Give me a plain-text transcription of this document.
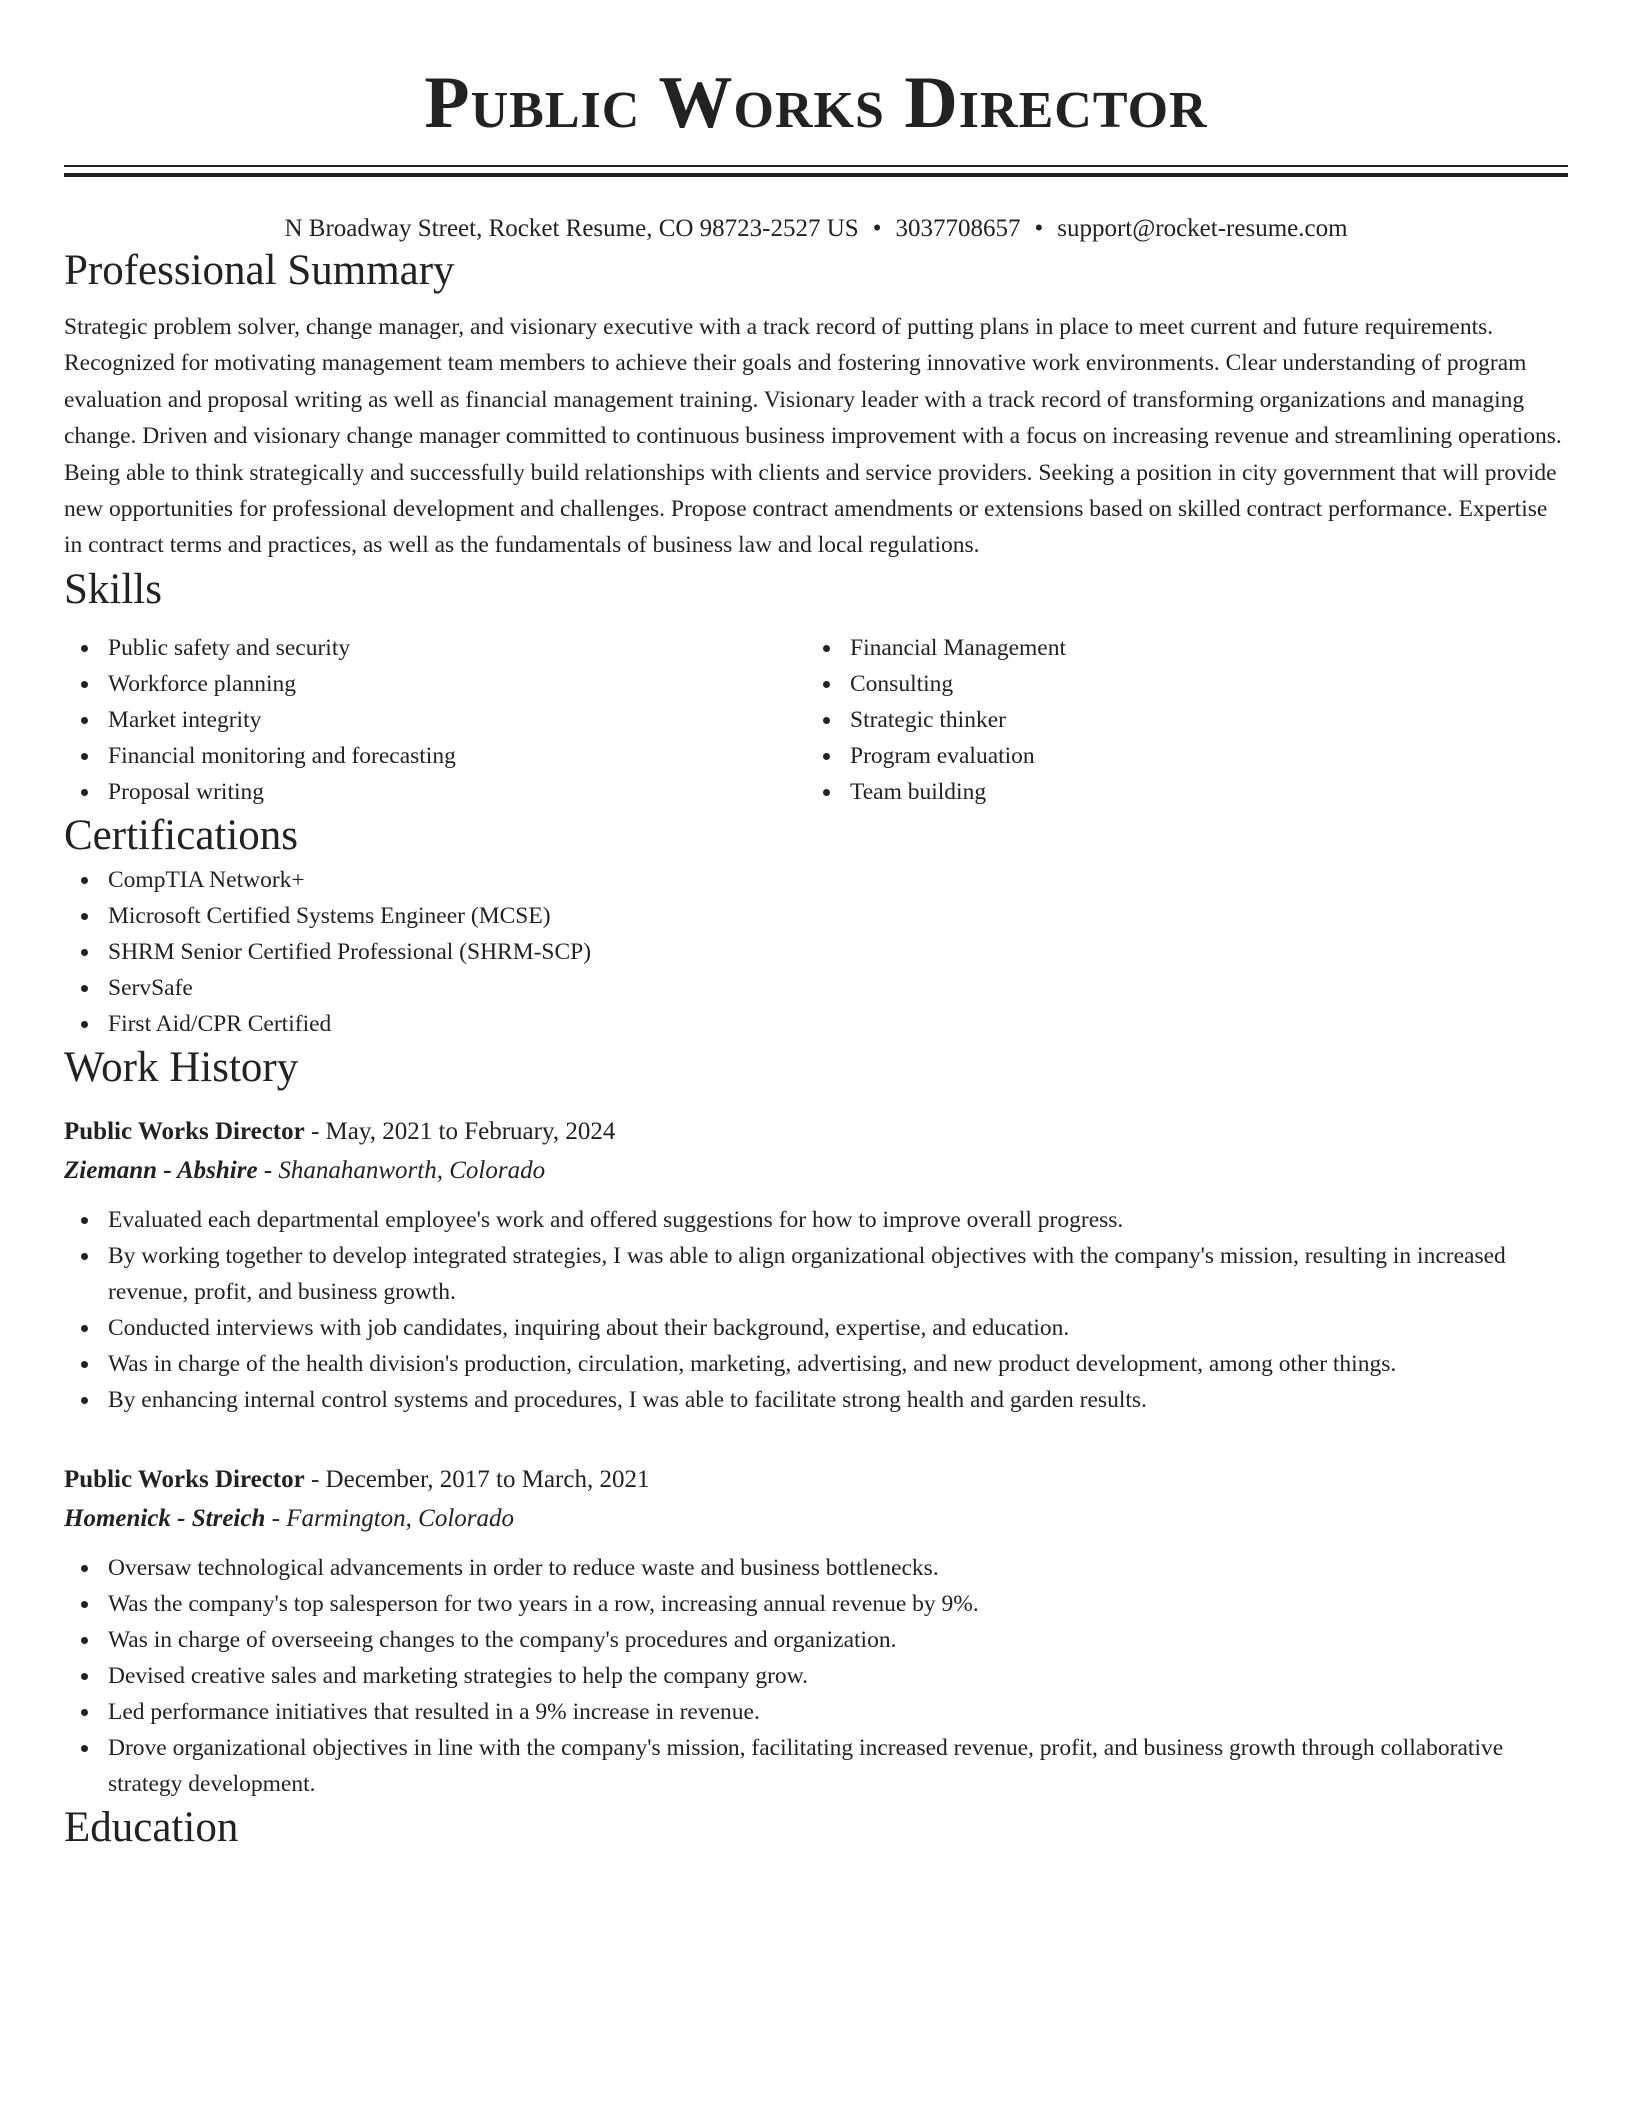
Public Works Director
N Broadway Street, Rocket Resume, CO 98723-2527 US • 3037708657 • support@rocket-resume.com
Professional Summary

Strategic problem solver, change manager, and visionary executive with a track record of putting plans in place to meet current and future requirements. Recognized for motivating management team members to achieve their goals and fostering innovative work environments. Clear understanding of program evaluation and proposal writing as well as financial management training. Visionary leader with a track record of transforming organizations and managing change. Driven and visionary change manager committed to continuous business improvement with a focus on increasing revenue and streamlining operations. Being able to think strategically and successfully build relationships with clients and service providers. Seeking a position in city government that will provide new opportunities for professional development and challenges. Propose contract amendments or extensions based on skilled contract performance. Expertise in contract terms and practices, as well as the fundamentals of business law and local regulations.

Skills
Public safety and security
Workforce planning
Market integrity
Financial monitoring and forecasting
Proposal writing
Financial Management
Consulting
Strategic thinker
Program evaluation
Team building
Certifications
CompTIA Network+
Microsoft Certified Systems Engineer (MCSE)
SHRM Senior Certified Professional (SHRM-SCP)
ServSafe
First Aid/CPR Certified
Work History
Public Works Director - May, 2021 to February, 2024
Ziemann - Abshire - Shanahanworth, Colorado
Evaluated each departmental employee's work and offered suggestions for how to improve overall progress.
By working together to develop integrated strategies, I was able to align organizational objectives with the company's mission, resulting in increased revenue, profit, and business growth.
Conducted interviews with job candidates, inquiring about their background, expertise, and education.
Was in charge of the health division's production, circulation, marketing, advertising, and new product development, among other things.
By enhancing internal control systems and procedures, I was able to facilitate strong health and garden results.
Public Works Director - December, 2017 to March, 2021
Homenick - Streich - Farmington, Colorado
Oversaw technological advancements in order to reduce waste and business bottlenecks.
Was the company's top salesperson for two years in a row, increasing annual revenue by 9%.
Was in charge of overseeing changes to the company's procedures and organization.
Devised creative sales and marketing strategies to help the company grow.
Led performance initiatives that resulted in a 9% increase in revenue.
Drove organizational objectives in line with the company's mission, facilitating increased revenue, profit, and business growth through collaborative strategy development.
Education
